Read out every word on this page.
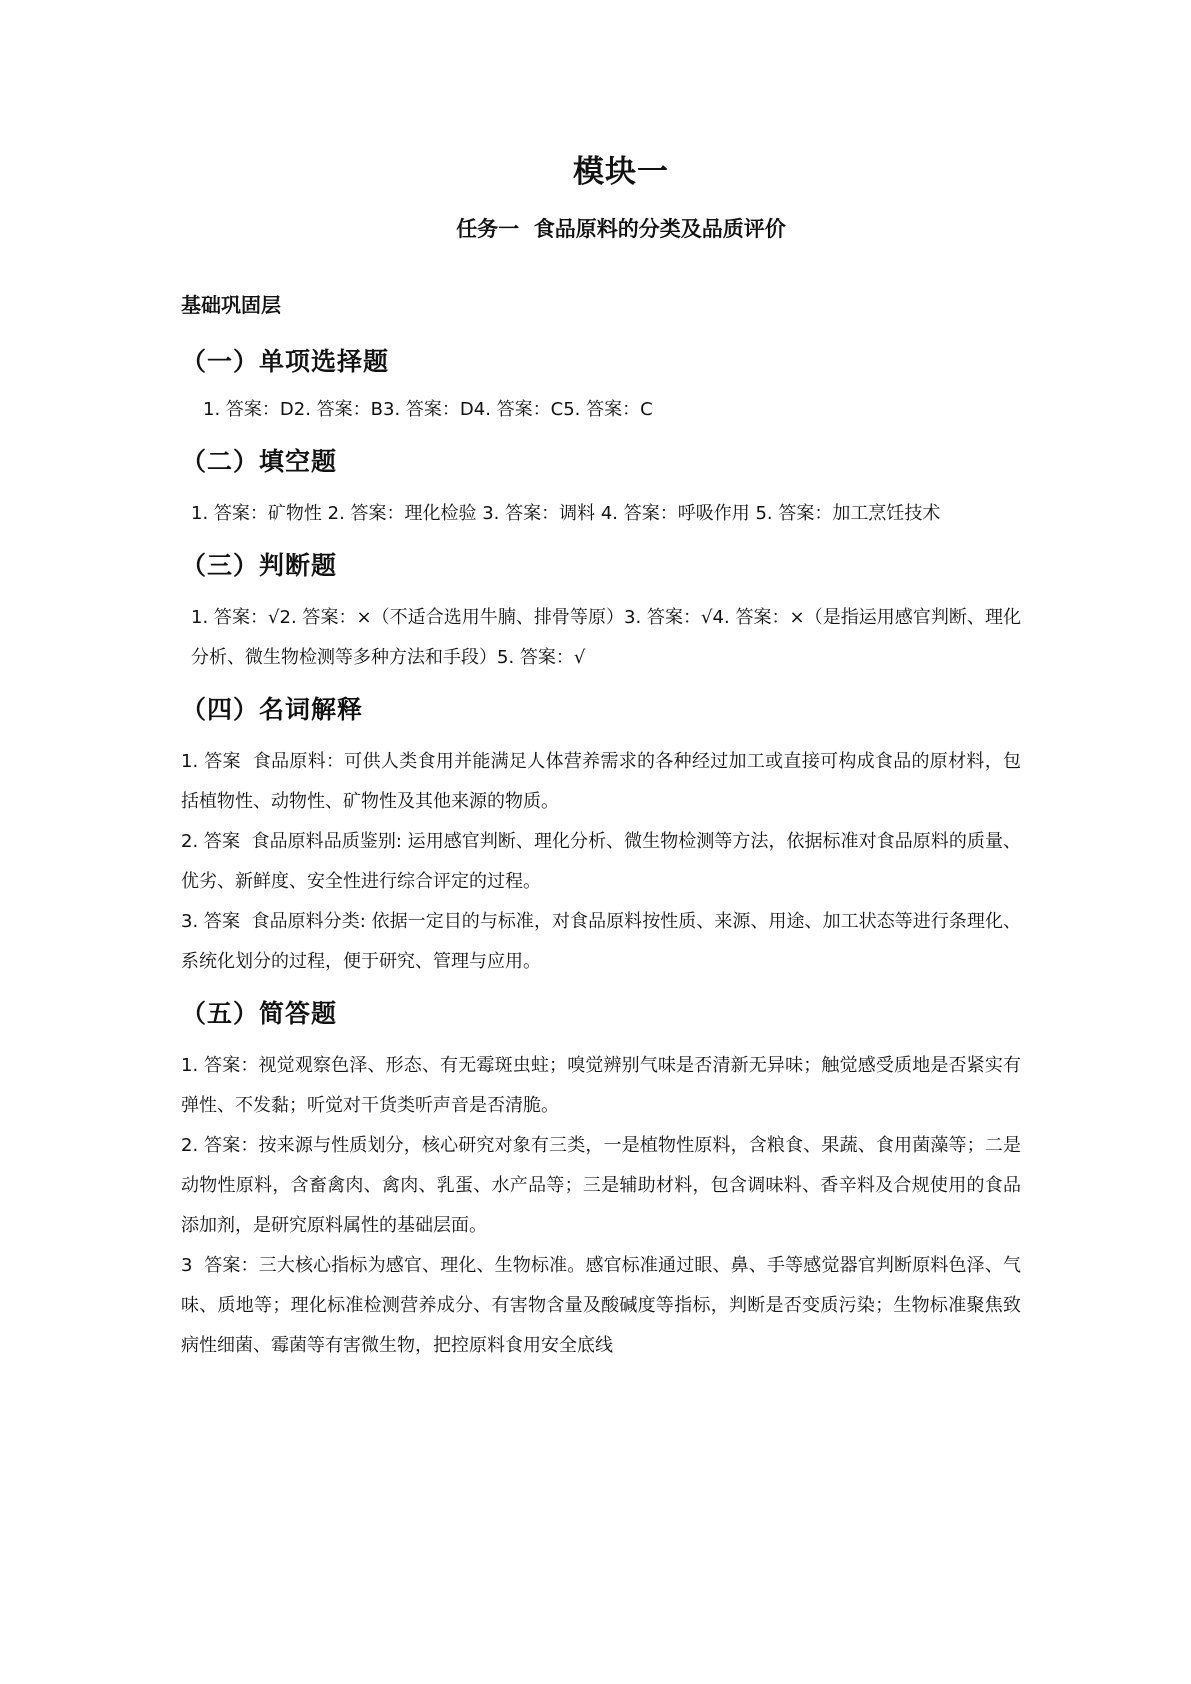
模块一
任务一  食品原料的分类及品质评价
基础巩固层
（一）单项选择题

1. 答案：D2. 答案：B3. 答案：D4. 答案：C5. 答案：C

（二）填空题

1. 答案：矿物性 2. 答案：理化检验 3. 答案：调料 4. 答案：呼吸作用 5. 答案：加工烹饪技术

（三）判断题

1. 答案：√2. 答案：×（不适合选用牛腩、排骨等原）3. 答案：√4. 答案：×（是指运用感官判断、理化分析、微生物检测等多种方法和手段）5. 答案：√

（四）名词解释

1. 答案  食品原料：可供人类食用并能满足人体营养需求的各种经过加工或直接可构成食品的原材料，包括植物性、动物性、矿物性及其他来源的物质。

2. 答案  食品原料品质鉴别: 运用感官判断、理化分析、微生物检测等方法，依据标准对食品原料的质量、优劣、新鲜度、安全性进行综合评定的过程。

3. 答案  食品原料分类: 依据一定目的与标准，对食品原料按性质、来源、用途、加工状态等进行条理化、系统化划分的过程，便于研究、管理与应用。

（五）简答题

1. 答案：视觉观察色泽、形态、有无霉斑虫蛀；嗅觉辨别气味是否清新无异味；触觉感受质地是否紧实有弹性、不发黏；听觉对干货类听声音是否清脆。

2. 答案：按来源与性质划分，核心研究对象有三类，一是植物性原料，含粮食、果蔬、食用菌藻等；二是动物性原料，含畜禽肉、禽肉、乳蛋、水产品等；三是辅助材料，包含调味料、香辛料及合规使用的食品添加剂，是研究原料属性的基础层面。

3  答案：三大核心指标为感官、理化、生物标准。感官标准通过眼、鼻、手等感觉器官判断原料色泽、气味、质地等；理化标准检测营养成分、有害物含量及酸碱度等指标，判断是否变质污染；生物标准聚焦致病性细菌、霉菌等有害微生物，把控原料食用安全底线
